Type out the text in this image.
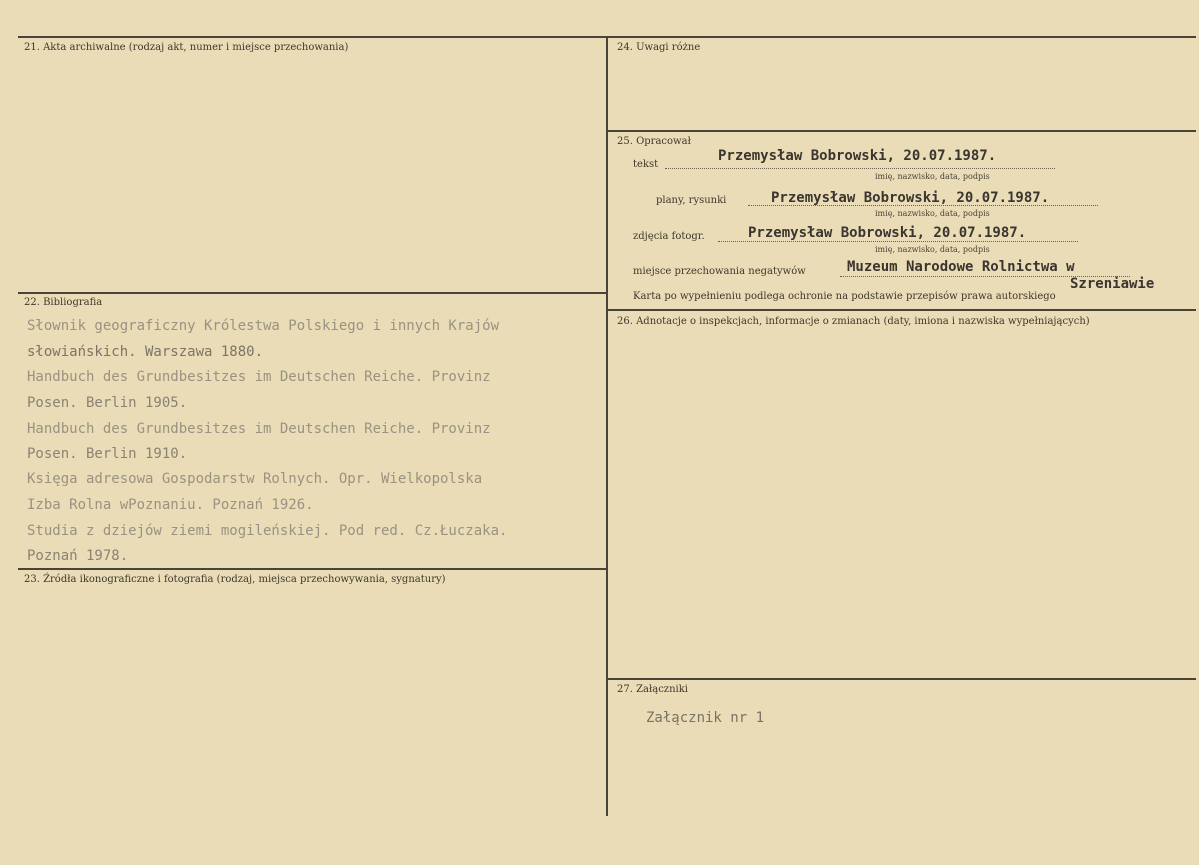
21. Akta archiwalne (rodzaj akt, numer i miejsce przechowania)
22. Bibliografia
Słownik geograficzny Królestwa Polskiego i innych Krajów
słowiańskich. Warszawa 1880.
Handbuch des Grundbesitzes im Deutschen Reiche. Provinz
Posen. Berlin 1905.
Handbuch des Grundbesitzes im Deutschen Reiche. Provinz
Posen. Berlin 1910.
Księga adresowa Gospodarstw Rolnych. Opr. Wielkopolska
Izba Rolna wPoznaniu. Poznań 1926.
Studia z dziejów ziemi mogileńskiej. Pod red. Cz.Łuczaka.
Poznań 1978.
23. Źródła ikonograficzne i fotografia (rodzaj, miejsca przechowywania, sygnatury)
24. Uwagi różne
25. Opracował
tekst
Przemysław Bobrowski, 20.07.1987.
imię, nazwisko, data, podpis
plany, rysunki	Przemysław Bobrowski, 20.07.1987.
imię, nazwisko, data, podpis
zdjęcia fotogr.	Przemysław Bobrowski, 20.07.1987.
imię, nazwisko, data, podpis
miejsce przechowania negatywów	Muzeum Narodowe Rolnictwa w
Szreniawie
Karta po wypełnieniu podlega ochronie na podstawie przepisów prawa autorskiego
26. Adnotacje o inspekcjach, informacje o zmianach (daty, imiona i nazwiska wypełniających)
27. Załączniki
Załącznik nr 1
